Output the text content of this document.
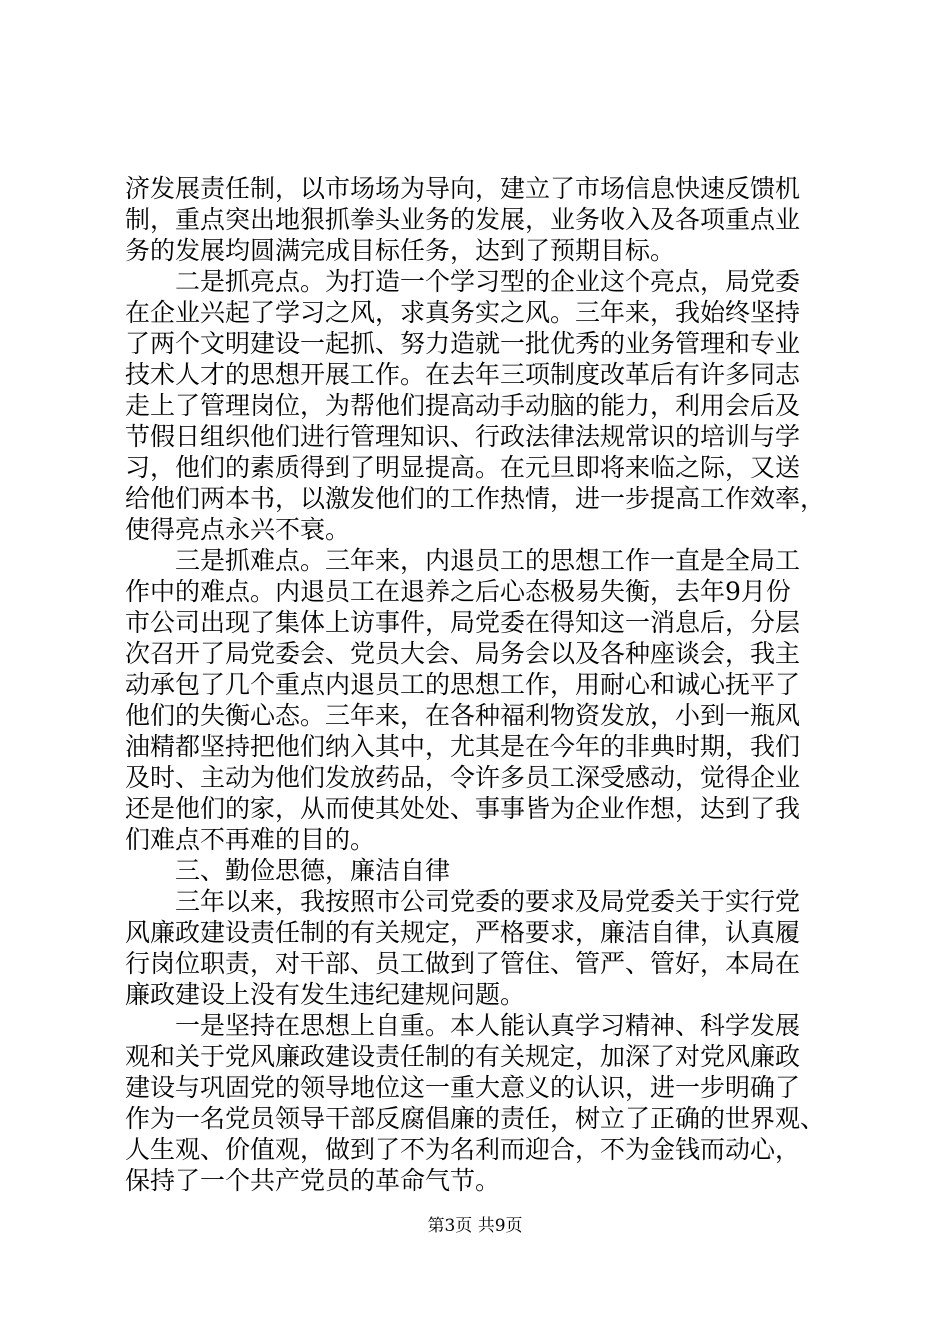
济发展责任制，以市场场为导向，建立了市场信息快速反馈机
制，重点突出地狠抓拳头业务的发展，业务收入及各项重点业
务的发展均圆满完成目标任务，达到了预期目标。
二是抓亮点。为打造一个学习型的企业这个亮点，局党委
在企业兴起了学习之风，求真务实之风。三年来，我始终坚持
了两个文明建设一起抓、努力造就一批优秀的业务管理和专业
技术人才的思想开展工作。在去年三项制度改革后有许多同志
走上了管理岗位，为帮他们提高动手动脑的能力，利用会后及
节假日组织他们进行管理知识、行政法律法规常识的培训与学
习，他们的素质得到了明显提高。在元旦即将来临之际，又送
给他们两本书，以激发他们的工作热情，进一步提高工作效率，
使得亮点永兴不衰。
三是抓难点。三年来，内退员工的思想工作一直是全局工
作中的难点。内退员工在退养之后心态极易失衡，去年9月份
市公司出现了集体上访事件，局党委在得知这一消息后，分层
次召开了局党委会、党员大会、局务会以及各种座谈会，我主
动承包了几个重点内退员工的思想工作，用耐心和诚心抚平了
他们的失衡心态。三年来，在各种福利物资发放，小到一瓶风
油精都坚持把他们纳入其中，尤其是在今年的非典时期，我们
及时、主动为他们发放药品，令许多员工深受感动，觉得企业
还是他们的家，从而使其处处、事事皆为企业作想，达到了我
们难点不再难的目的。
三、勤俭思德，廉洁自律
三年以来，我按照市公司党委的要求及局党委关于实行党
风廉政建设责任制的有关规定，严格要求，廉洁自律，认真履
行岗位职责，对干部、员工做到了管住、管严、管好，本局在
廉政建设上没有发生违纪建规问题。
一是坚持在思想上自重。本人能认真学习精神、科学发展
观和关于党风廉政建设责任制的有关规定，加深了对党风廉政
建设与巩固党的领导地位这一重大意义的认识，进一步明确了
作为一名党员领导干部反腐倡廉的责任，树立了正确的世界观、
人生观、价值观，做到了不为名利而迎合，不为金钱而动心，
保持了一个共产党员的革命气节。
第3页 共9页
